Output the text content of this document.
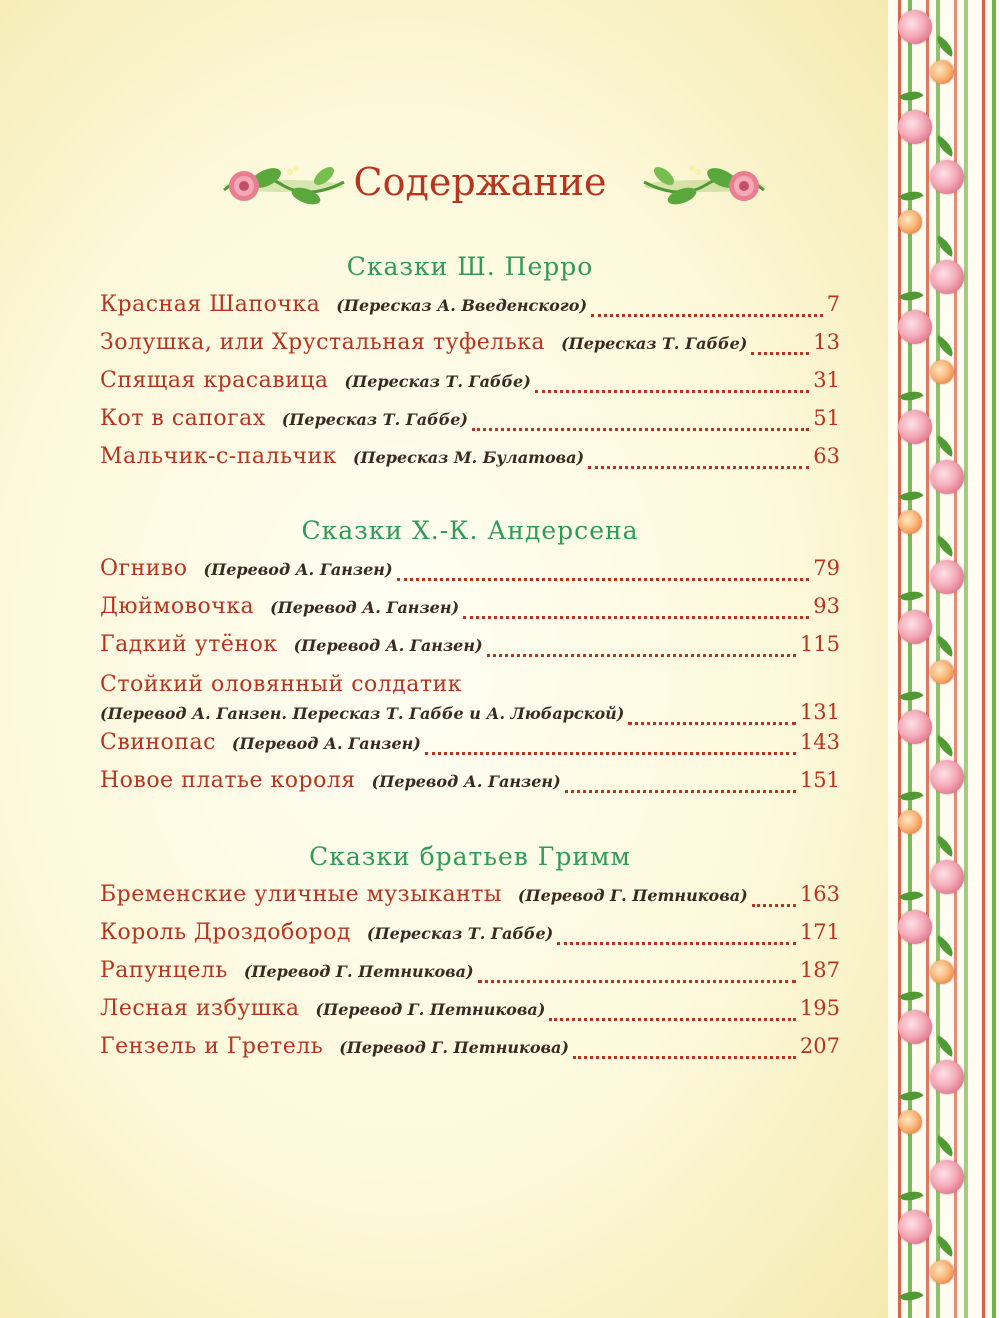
Содержание
Сказки Ш. Перро
Красная Шапочка (Пересказ А. Введенского)	7
Золушка, или Хрустальная туфелька (Пересказ Т. Габбе)	13
Спящая красавица (Пересказ Т. Габбе)	31
Кот в сапогах (Пересказ Т. Габбе)	51
Мальчик-с-пальчик (Пересказ М. Булатова)	63
Сказки Х.-К. Андерсена
Огниво (Перевод А. Ганзен)	79
Дюймовочка (Перевод А. Ганзен)	93
Гадкий утёнок (Перевод А. Ганзен)	115
Стойкий оловянный солдатик
(Перевод А. Ганзен. Пересказ Т. Габбе и А. Любарской)	131
Свинопас (Перевод А. Ганзен)	143
Новое платье короля (Перевод А. Ганзен)	151
Сказки братьев Гримм
Бременские уличные музыканты (Перевод Г. Петникова) 163
Король Дроздобород (Пересказ Т. Габбе)	171
Рапунцель (Перевод Г. Петникова)	187
Лесная избушка (Перевод Г. Петникова)	195
Гензель и Гретель (Перевод Г. Петникова)	207
